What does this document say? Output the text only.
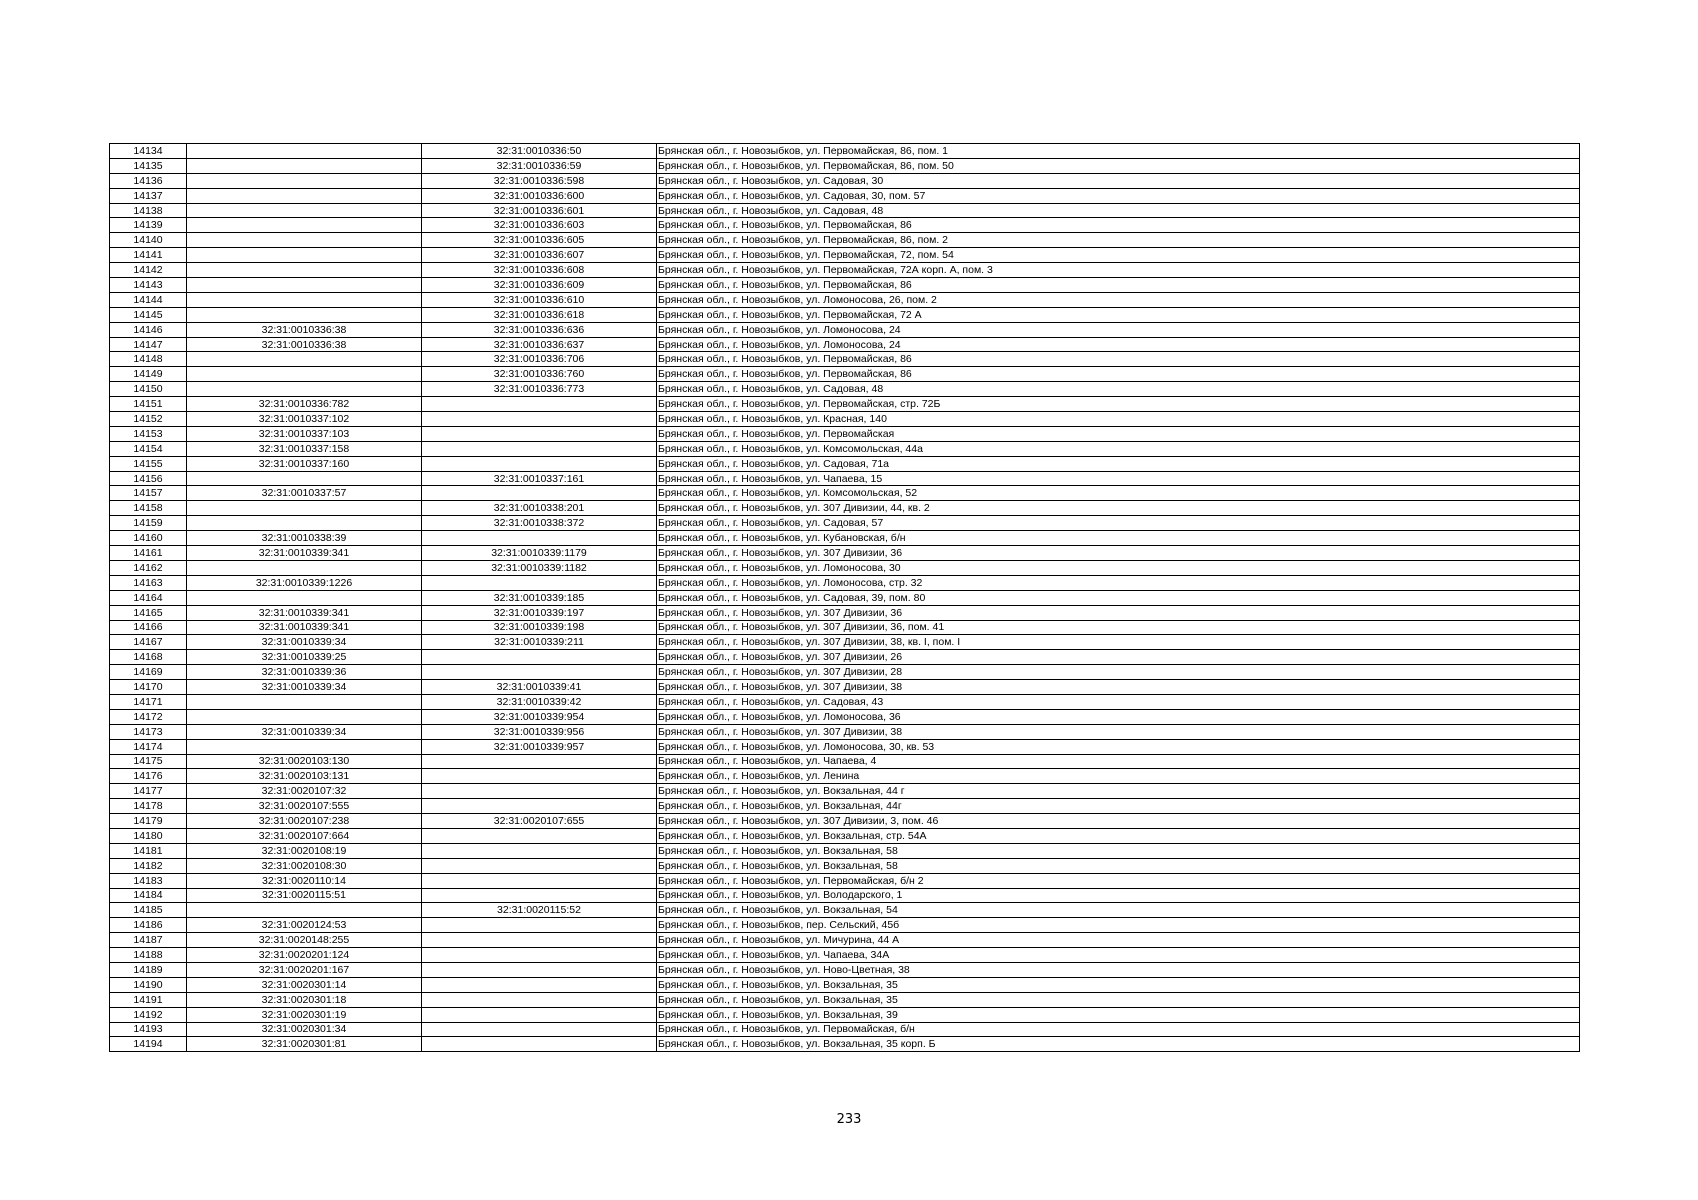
14134		32:31:0010336:50	Брянская обл., г. Новозыбков, ул. Первомайская, 86, пом. 1
14135		32:31:0010336:59	Брянская обл., г. Новозыбков, ул. Первомайская, 86, пом. 50
14136		32:31:0010336:598	Брянская обл., г. Новозыбков, ул. Садовая, 30
14137		32:31:0010336:600	Брянская обл., г. Новозыбков, ул. Садовая, 30, пом. 57
14138		32:31:0010336:601	Брянская обл., г. Новозыбков, ул. Садовая, 48
14139		32:31:0010336:603	Брянская обл., г. Новозыбков, ул. Первомайская, 86
14140		32:31:0010336:605	Брянская обл., г. Новозыбков, ул. Первомайская, 86, пом. 2
14141		32:31:0010336:607	Брянская обл., г. Новозыбков, ул. Первомайская, 72, пом. 54
14142		32:31:0010336:608	Брянская обл., г. Новозыбков, ул. Первомайская, 72А корп. А, пом. 3
14143		32:31:0010336:609	Брянская обл., г. Новозыбков, ул. Первомайская, 86
14144		32:31:0010336:610	Брянская обл., г. Новозыбков, ул. Ломоносова, 26, пом. 2
14145		32:31:0010336:618	Брянская обл., г. Новозыбков, ул. Первомайская, 72 А
14146	32:31:0010336:38	32:31:0010336:636	Брянская обл., г. Новозыбков, ул. Ломоносова, 24
14147	32:31:0010336:38	32:31:0010336:637	Брянская обл., г. Новозыбков, ул. Ломоносова, 24
14148		32:31:0010336:706	Брянская обл., г. Новозыбков, ул. Первомайская, 86
14149		32:31:0010336:760	Брянская обл., г. Новозыбков, ул. Первомайская, 86
14150		32:31:0010336:773	Брянская обл., г. Новозыбков, ул. Садовая, 48
14151	32:31:0010336:782		Брянская обл., г. Новозыбков, ул. Первомайская, стр. 72Б
14152	32:31:0010337:102		Брянская обл., г. Новозыбков, ул. Красная, 140
14153	32:31:0010337:103		Брянская обл., г. Новозыбков, ул. Первомайская
14154	32:31:0010337:158		Брянская обл., г. Новозыбков, ул. Комсомольская, 44а
14155	32:31:0010337:160		Брянская обл., г. Новозыбков, ул. Садовая, 71а
14156		32:31:0010337:161	Брянская обл., г. Новозыбков, ул. Чапаева, 15
14157	32:31:0010337:57		Брянская обл., г. Новозыбков, ул. Комсомольская, 52
14158		32:31:0010338:201	Брянская обл., г. Новозыбков, ул. 307 Дивизии, 44, кв. 2
14159		32:31:0010338:372	Брянская обл., г. Новозыбков, ул. Садовая, 57
14160	32:31:0010338:39		Брянская обл., г. Новозыбков, ул. Кубановская, б/н
14161	32:31:0010339:341	32:31:0010339:1179	Брянская обл., г. Новозыбков, ул. 307 Дивизии, 36
14162		32:31:0010339:1182	Брянская обл., г. Новозыбков, ул. Ломоносова, 30
14163	32:31:0010339:1226		Брянская обл., г. Новозыбков, ул. Ломоносова, стр. 32
14164		32:31:0010339:185	Брянская обл., г. Новозыбков, ул. Садовая, 39, пом. 80
14165	32:31:0010339:341	32:31:0010339:197	Брянская обл., г. Новозыбков, ул. 307 Дивизии, 36
14166	32:31:0010339:341	32:31:0010339:198	Брянская обл., г. Новозыбков, ул. 307 Дивизии, 36, пом. 41
14167	32:31:0010339:34	32:31:0010339:211	Брянская обл., г. Новозыбков, ул. 307 Дивизии, 38, кв. I, пом. I
14168	32:31:0010339:25		Брянская обл., г. Новозыбков, ул. 307 Дивизии, 26
14169	32:31:0010339:36		Брянская обл., г. Новозыбков, ул. 307 Дивизии, 28
14170	32:31:0010339:34	32:31:0010339:41	Брянская обл., г. Новозыбков, ул. 307 Дивизии, 38
14171		32:31:0010339:42	Брянская обл., г. Новозыбков, ул. Садовая, 43
14172		32:31:0010339:954	Брянская обл., г. Новозыбков, ул. Ломоносова, 36
14173	32:31:0010339:34	32:31:0010339:956	Брянская обл., г. Новозыбков, ул. 307 Дивизии, 38
14174		32:31:0010339:957	Брянская обл., г. Новозыбков, ул. Ломоносова, 30, кв. 53
14175	32:31:0020103:130		Брянская обл., г. Новозыбков, ул. Чапаева, 4
14176	32:31:0020103:131		Брянская обл., г. Новозыбков, ул. Ленина
14177	32:31:0020107:32		Брянская обл., г. Новозыбков, ул. Вокзальная, 44 г
14178	32:31:0020107:555		Брянская обл., г. Новозыбков, ул. Вокзальная, 44г
14179	32:31:0020107:238	32:31:0020107:655	Брянская обл., г. Новозыбков, ул. 307 Дивизии, 3, пом. 46
14180	32:31:0020107:664		Брянская обл., г. Новозыбков, ул. Вокзальная, стр. 54А
14181	32:31:0020108:19		Брянская обл., г. Новозыбков, ул. Вокзальная, 58
14182	32:31:0020108:30		Брянская обл., г. Новозыбков, ул. Вокзальная, 58
14183	32:31:0020110:14		Брянская обл., г. Новозыбков, ул. Первомайская, б/н 2
14184	32:31:0020115:51		Брянская обл., г. Новозыбков, ул. Володарского, 1
14185		32:31:0020115:52	Брянская обл., г. Новозыбков, ул. Вокзальная, 54
14186	32:31:0020124:53		Брянская обл., г. Новозыбков, пер. Сельский, 45б
14187	32:31:0020148:255		Брянская обл., г. Новозыбков, ул. Мичурина, 44 А
14188	32:31:0020201:124		Брянская обл., г. Новозыбков, ул. Чапаева, 34А
14189	32:31:0020201:167		Брянская обл., г. Новозыбков, ул. Ново-Цветная, 38
14190	32:31:0020301:14		Брянская обл., г. Новозыбков, ул. Вокзальная, 35
14191	32:31:0020301:18		Брянская обл., г. Новозыбков, ул. Вокзальная, 35
14192	32:31:0020301:19		Брянская обл., г. Новозыбков, ул. Вокзальная, 39
14193	32:31:0020301:34		Брянская обл., г. Новозыбков, ул. Первомайская, б/н
14194	32:31:0020301:81		Брянская обл., г. Новозыбков, ул. Вокзальная, 35 корп. Б
233
